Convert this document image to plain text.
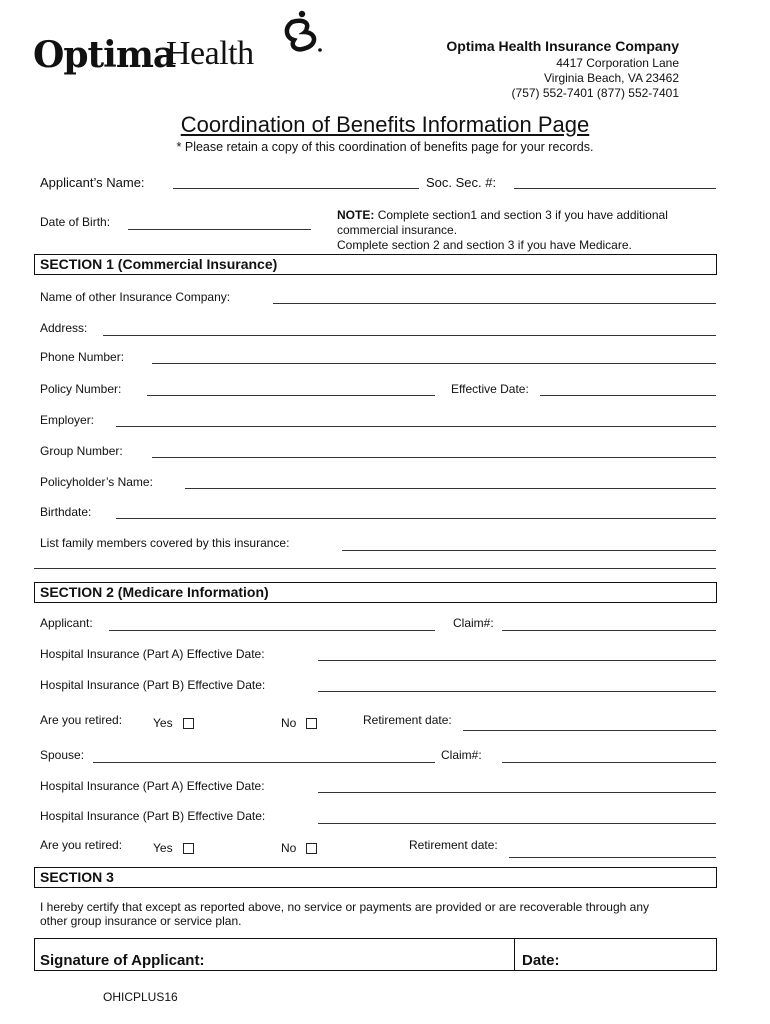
Optima
Health	Optima Health Insurance Company
4417 Corporation Lane
Virginia Beach, VA 23462
(757) 552-7401 (877) 552-7401
Coordination of Benefits Information Page
* Please retain a copy of this coordination of benefits page for your records.
Applicant’s Name:	Soc. Sec. #:
Date of Birth:	NOTE: Complete section1 and section 3 if you have additional
commercial insurance.
Complete section 2 and section 3 if you have Medicare.
SECTION 1 (Commercial Insurance)
Name of other Insurance Company:
Address:
Phone Number:
Policy Number:	Effective Date:
Employer:
Group Number:
Policyholder’s Name:
Birthdate:
List family members covered by this insurance:
SECTION 2 (Medicare Information)
Applicant:	Claim#:
Hospital Insurance (Part A) Effective Date:
Hospital Insurance (Part B) Effective Date:
Are you retired:	Yes	No	Retirement date:
Spouse:	Claim#:
Hospital Insurance (Part A) Effective Date:
Hospital Insurance (Part B) Effective Date:
Are you retired:	Yes	No	Retirement date:
SECTION 3
I hereby certify that except as reported above, no service or payments are provided or are recoverable through any
other group insurance or service plan.
Signature of Applicant:	Date:
OHICPLUS16
